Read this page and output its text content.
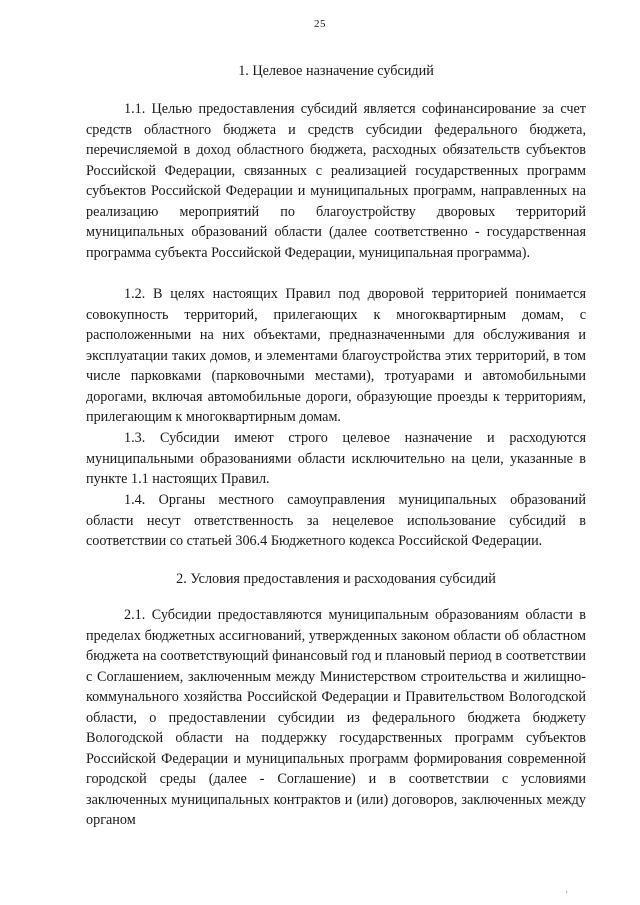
25
1. Целевое назначение субсидий

1.1. Целью предоставления субсидий является софинансирование за счет средств областного бюджета и средств субсидии федерального бюджета, перечисляемой в доход областного бюджета, расходных обязательств субъектов Российской Федерации, связанных с реализацией государственных программ субъектов Российской Федерации и муниципальных программ, направленных на реализацию мероприятий по благоустройству дворовых территорий муниципальных образований области (далее соответственно - государственная программа субъекта Российской Федерации, муниципальная программа).

1.2. В целях настоящих Правил под дворовой территорией понимается совокупность территорий, прилегающих к многоквартирным домам, с расположенными на них объектами, предназначенными для обслуживания и эксплуатации таких домов, и элементами благоустройства этих территорий, в том числе парковками (парковочными местами), тротуарами и автомобильными дорогами, включая автомобильные дороги, образующие проезды к территориям, прилегающим к многоквартирным домам.

1.3. Субсидии имеют строго целевое назначение и расходуются муниципальными образованиями области исключительно на цели, указанные в пункте 1.1 настоящих Правил.

1.4. Органы местного самоуправления муниципальных образований области несут ответственность за нецелевое использование субсидий в соответствии со статьей 306.4 Бюджетного кодекса Российской Федерации.

2. Условия предоставления и расходования субсидий

2.1. Субсидии предоставляются муниципальным образованиям области в пределах бюджетных ассигнований, утвержденных законом области об областном бюджета на соответствующий финансовый год и плановый период в соответствии с Соглашением, заключенным между Министерством строительства и жилищно-коммунального хозяйства Российской Федерации и Правительством Вологодской области, о предоставлении субсидии из федерального бюджета бюджету Вологодской области на поддержку государственных программ субъектов Российской Федерации и муниципальных программ формирования современной городской среды (далее - Соглашение) и в соответствии с условиями заключенных муниципальных контрактов и (или) договоров, заключенных между органом

'
